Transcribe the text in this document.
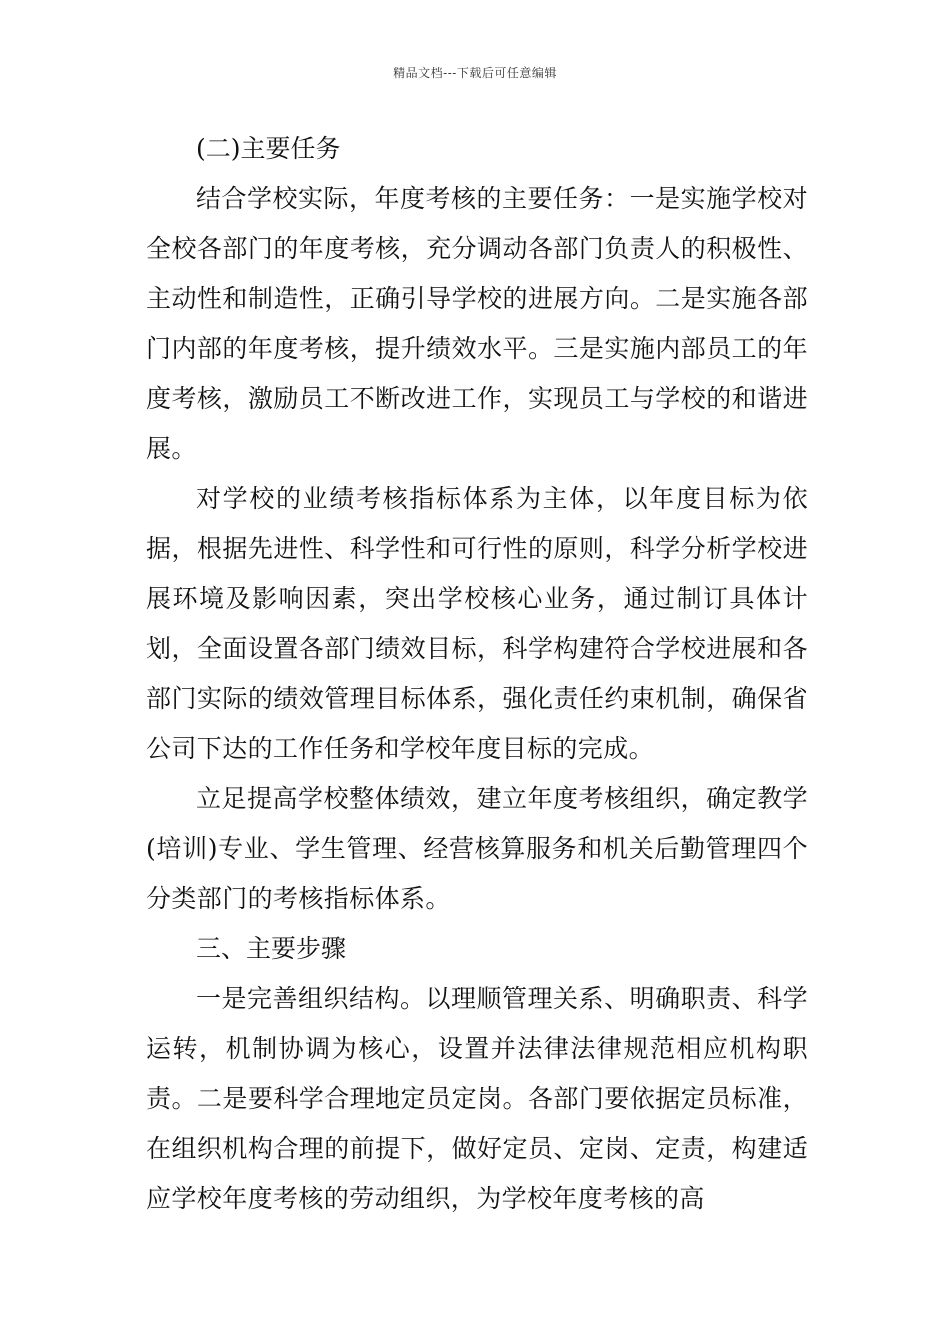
精品文档---下载后可任意编辑

(二)主要任务

结合学校实际，年度考核的主要任务：一是实施学校对全校各部门的年度考核，充分调动各部门负责人的积极性、主动性和制造性，正确引导学校的进展方向。二是实施各部门内部的年度考核，提升绩效水平。三是实施内部员工的年度考核，激励员工不断改进工作，实现员工与学校的和谐进展。

对学校的业绩考核指标体系为主体，以年度目标为依据，根据先进性、科学性和可行性的原则，科学分析学校进展环境及影响因素，突出学校核心业务，通过制订具体计划，全面设置各部门绩效目标，科学构建符合学校进展和各部门实际的绩效管理目标体系，强化责任约束机制，确保省公司下达的工作任务和学校年度目标的完成。

立足提高学校整体绩效，建立年度考核组织，确定教学(培训)专业、学生管理、经营核算服务和机关后勤管理四个分类部门的考核指标体系。

三、主要步骤

一是完善组织结构。以理顺管理关系、明确职责、科学运转，机制协调为核心，设置并法律法律规范相应机构职责。二是要科学合理地定员定岗。各部门要依据定员标准，在组织机构合理的前提下，做好定员、定岗、定责，构建适应学校年度考核的劳动组织，为学校年度考核的高
